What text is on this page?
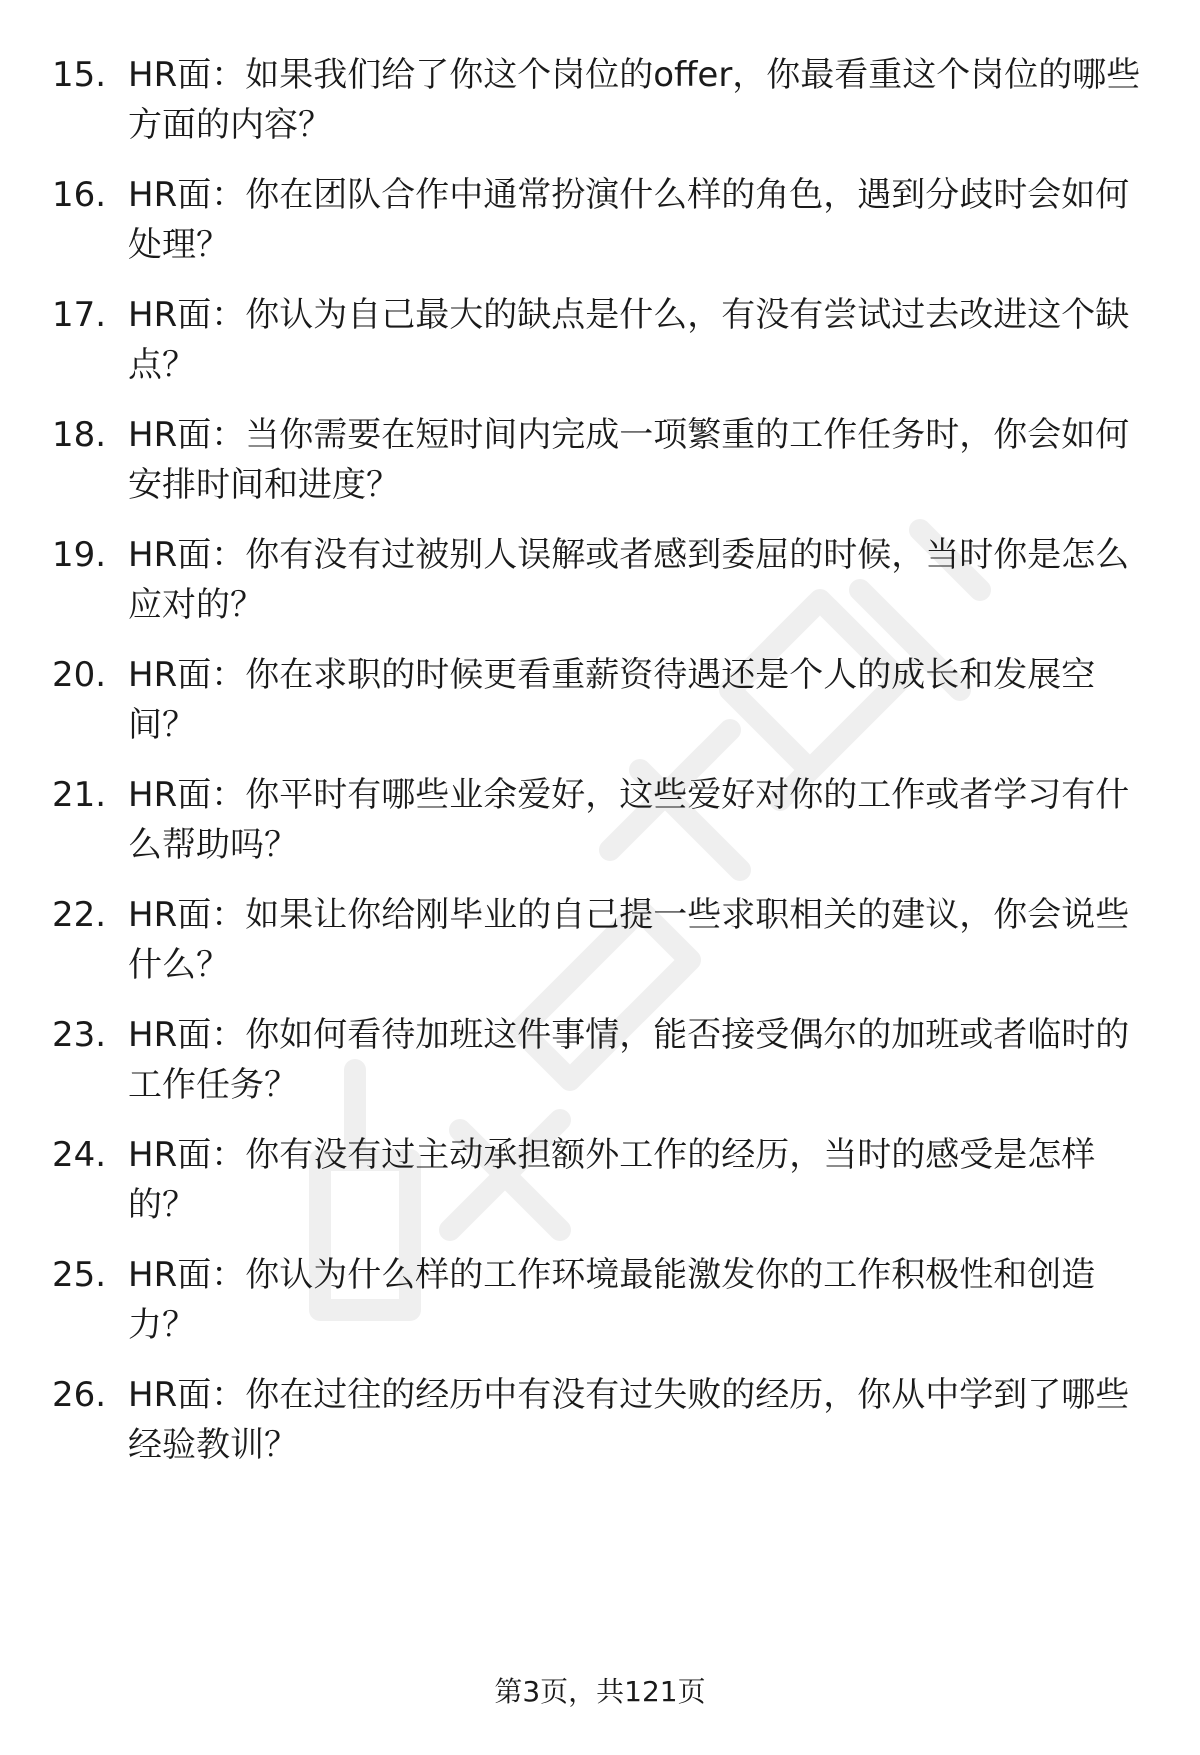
15. HR面：如果我们给了你这个岗位的offer，你最看重这个岗位的哪些方面的内容？
16. HR面：你在团队合作中通常扮演什么样的角色，遇到分歧时会如何处理？
17. HR面：你认为自己最大的缺点是什么，有没有尝试过去改进这个缺点？
18. HR面：当你需要在短时间内完成一项繁重的工作任务时，你会如何安排时间和进度？
19. HR面：你有没有过被别人误解或者感到委屈的时候，当时你是怎么应对的？
20. HR面：你在求职的时候更看重薪资待遇还是个人的成长和发展空间？
21. HR面：你平时有哪些业余爱好，这些爱好对你的工作或者学习有什么帮助吗？
22. HR面：如果让你给刚毕业的自己提一些求职相关的建议，你会说些什么？
23. HR面：你如何看待加班这件事情，能否接受偶尔的加班或者临时的工作任务？
24. HR面：你有没有过主动承担额外工作的经历，当时的感受是怎样的？
25. HR面：你认为什么样的工作环境最能激发你的工作积极性和创造力？
26. HR面：你在过往的经历中有没有过失败的经历，你从中学到了哪些经验教训？
第3页，共121页
